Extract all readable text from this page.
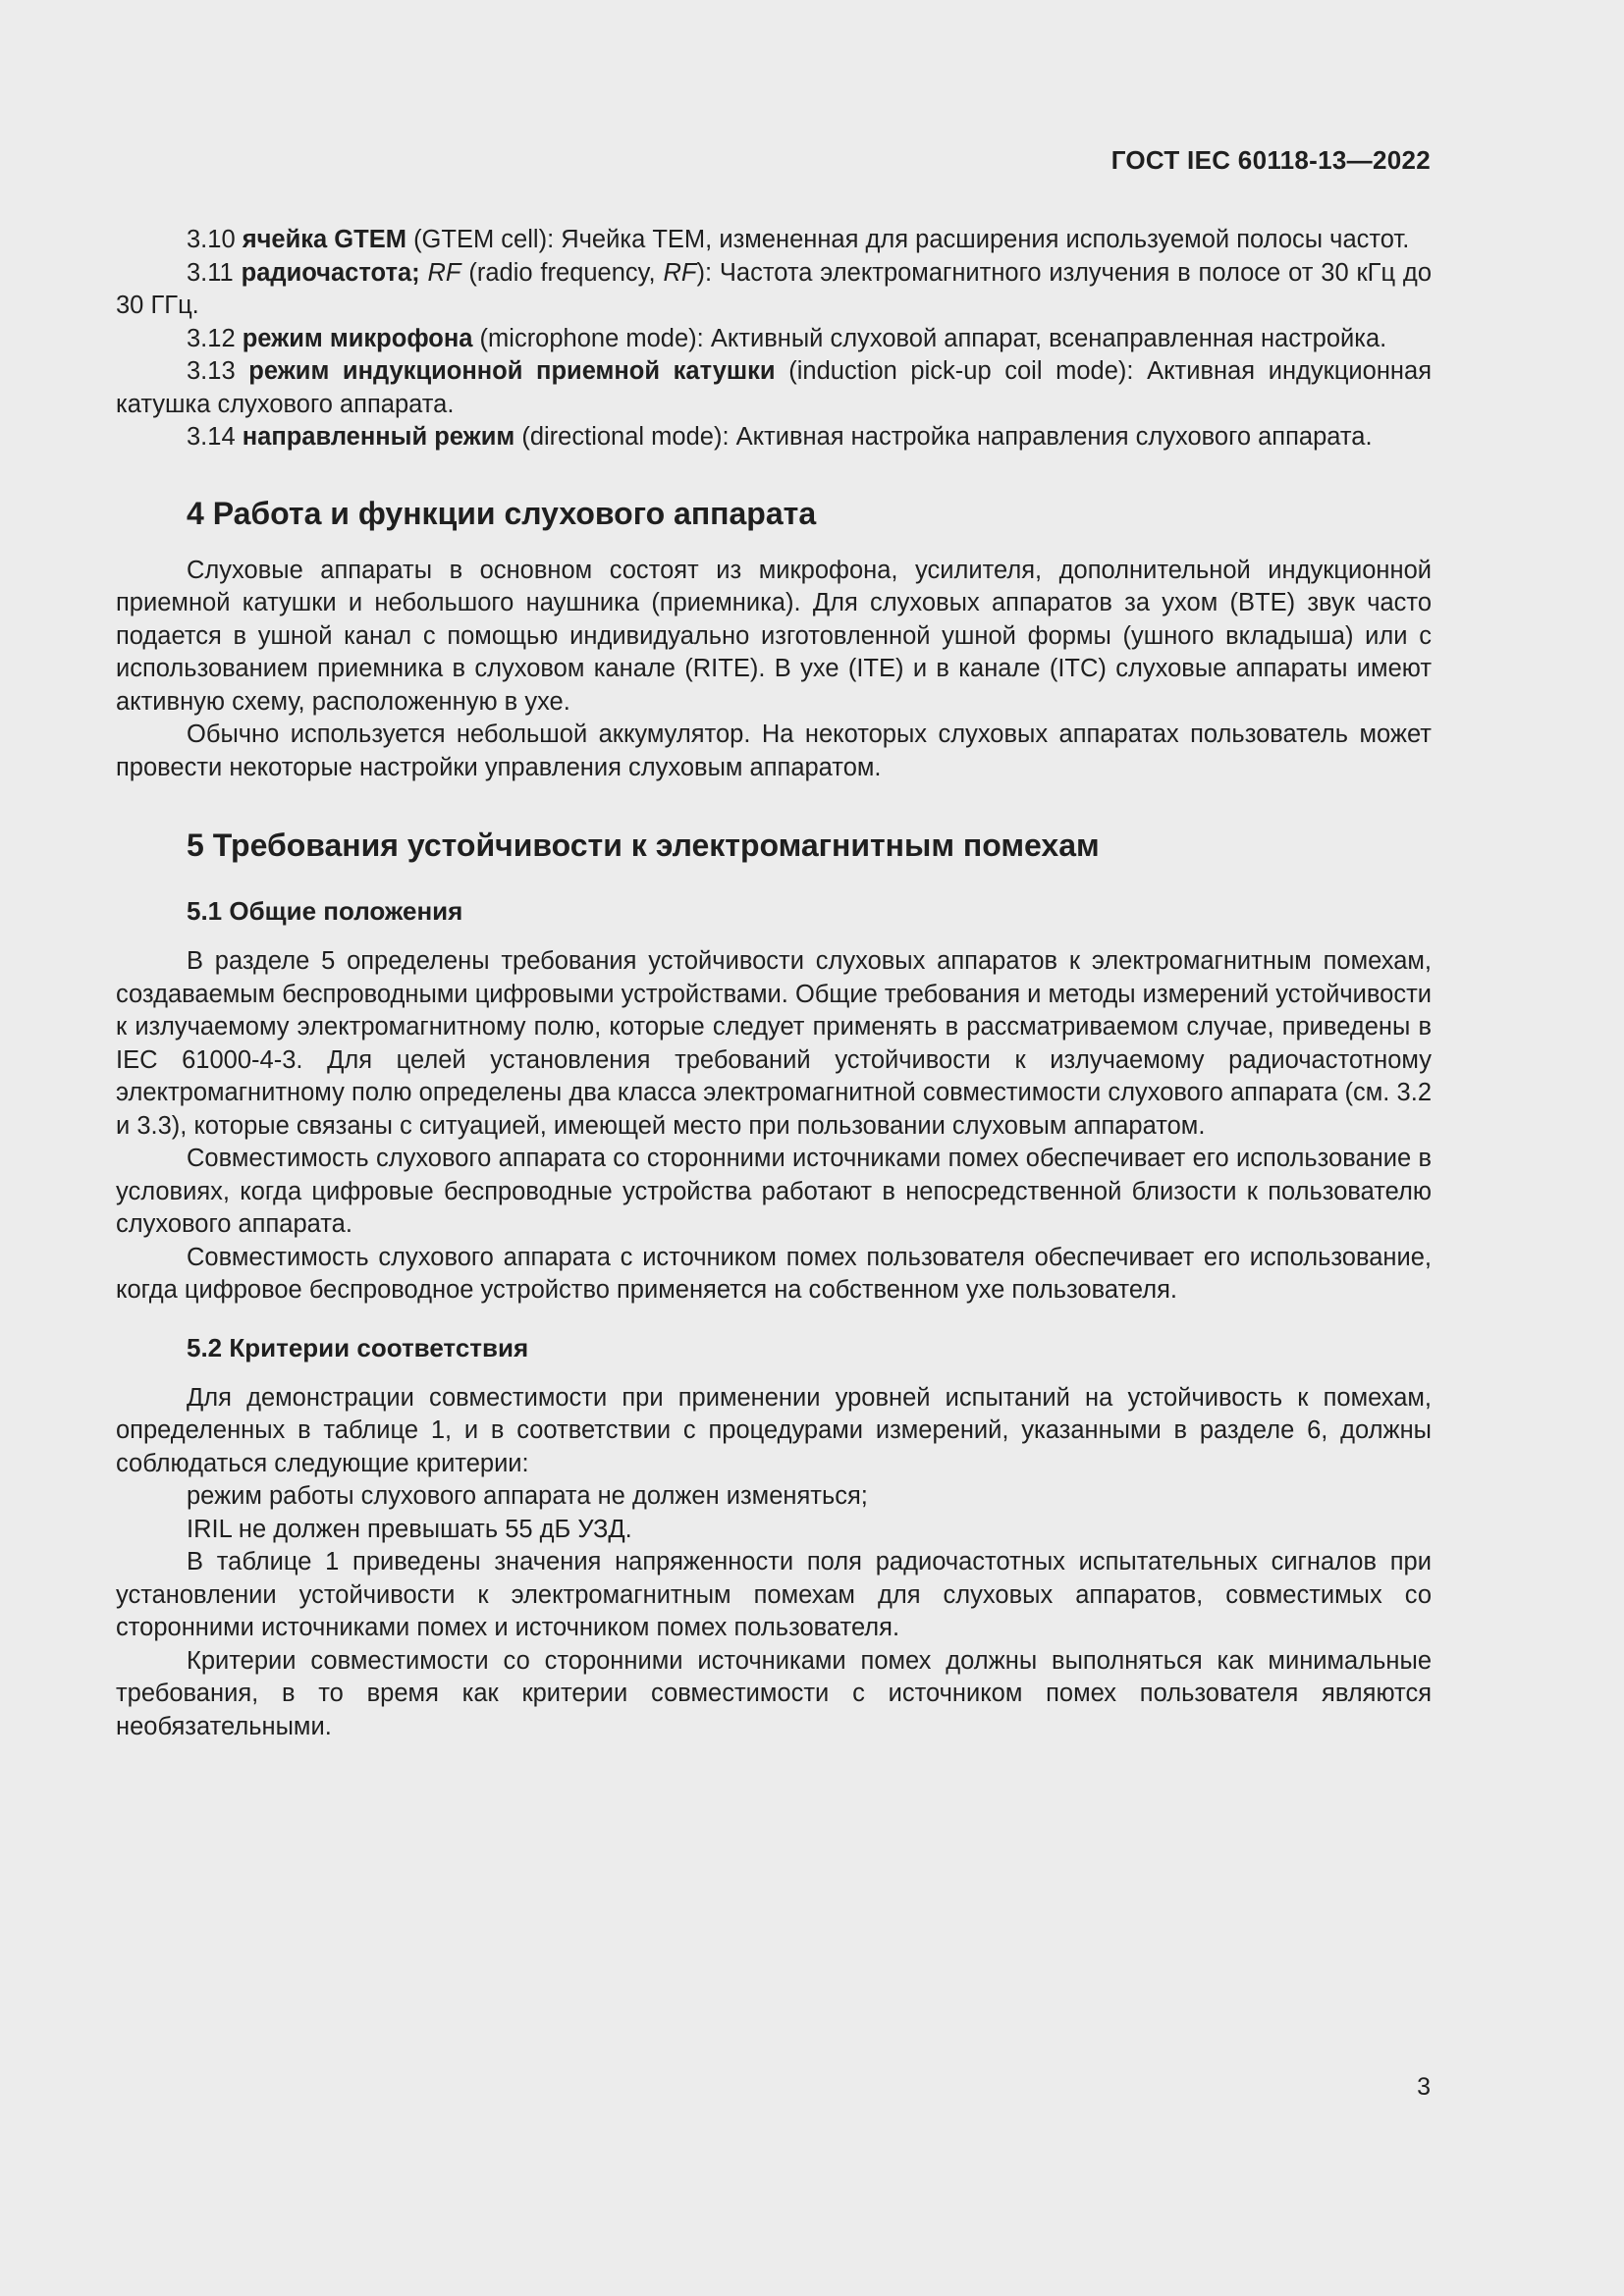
ГОСТ IEC 60118-13—2022

3.10 ячейка GTEM (GTEM cell): Ячейка TEM, измененная для расширения используемой полосы частот.

3.11 радиочастота; RF (radio frequency, RF): Частота электромагнитного излучения в полосе от 30 кГц до 30 ГГц.

3.12 режим микрофона (microphone mode): Активный слуховой аппарат, всенаправленная настройка.

3.13 режим индукционной приемной катушки (induction pick-up coil mode): Активная индукционная катушка слухового аппарата.

3.14 направленный режим (directional mode): Активная настройка направления слухового аппарата.

4 Работа и функции слухового аппарата

Слуховые аппараты в основном состоят из микрофона, усилителя, дополнительной индукционной приемной катушки и небольшого наушника (приемника). Для слуховых аппаратов за ухом (BTE) звук часто подается в ушной канал с помощью индивидуально изготовленной ушной формы (ушного вкладыша) или с использованием приемника в слуховом канале (RITE). В ухе (ITE) и в канале (ITC) слуховые аппараты имеют активную схему, расположенную в ухе.

Обычно используется небольшой аккумулятор. На некоторых слуховых аппаратах пользователь может провести некоторые настройки управления слуховым аппаратом.

5 Требования устойчивости к электромагнитным помехам
5.1 Общие положения

В разделе 5 определены требования устойчивости слуховых аппаратов к электромагнитным помехам, создаваемым беспроводными цифровыми устройствами. Общие требования и методы измерений устойчивости к излучаемому электромагнитному полю, которые следует применять в рассматриваемом случае, приведены в IEC 61000-4-3. Для целей установления требований устойчивости к излучаемому радиочастотному электромагнитному полю определены два класса электромагнитной совместимости слухового аппарата (см. 3.2 и 3.3), которые связаны с ситуацией, имеющей место при пользовании слуховым аппаратом.

Совместимость слухового аппарата со сторонними источниками помех обеспечивает его использование в условиях, когда цифровые беспроводные устройства работают в непосредственной близости к пользователю слухового аппарата.

Совместимость слухового аппарата с источником помех пользователя обеспечивает его использование, когда цифровое беспроводное устройство применяется на собственном ухе пользователя.

5.2 Критерии соответствия

Для демонстрации совместимости при применении уровней испытаний на устойчивость к помехам, определенных в таблице 1, и в соответствии с процедурами измерений, указанными в разделе 6, должны соблюдаться следующие критерии:

режим работы слухового аппарата не должен изменяться;

IRIL не должен превышать 55 дБ УЗД.

В таблице 1 приведены значения напряженности поля радиочастотных испытательных сигналов при установлении устойчивости к электромагнитным помехам для слуховых аппаратов, совместимых со сторонними источниками помех и источником помех пользователя.

Критерии совместимости со сторонними источниками помех должны выполняться как минимальные требования, в то время как критерии совместимости с источником помех пользователя являются необязательными.

3
